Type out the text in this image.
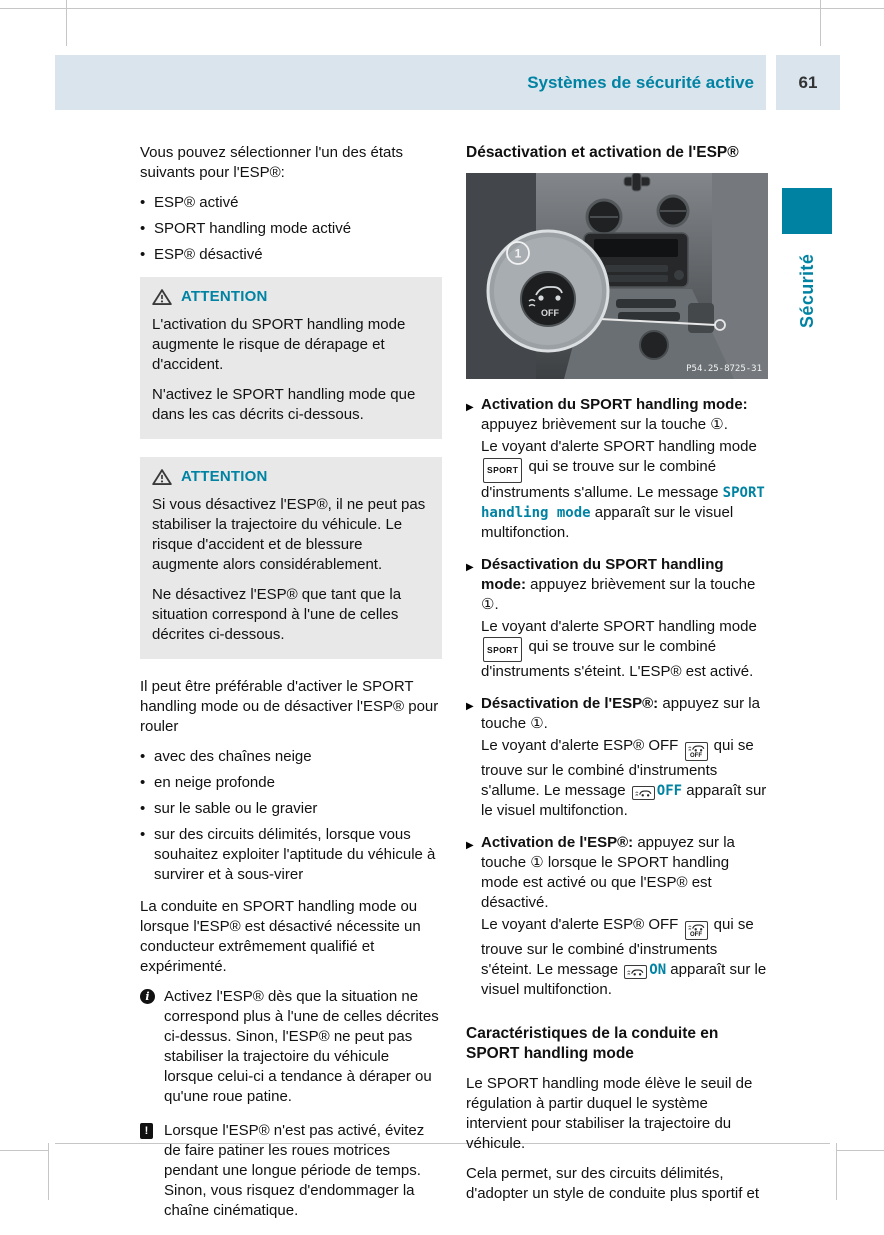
Systèmes de sécurité active	61
Sécurité

Vous pouvez sélectionner l'un des états suivants pour l'ESP®:

• ESP® activé
• SPORT handling mode activé
• ESP® désactivé
ATTENTION

L'activation du SPORT handling mode augmente le risque de dérapage et d'accident.

N'activez le SPORT handling mode que dans les cas décrits ci-dessous.

ATTENTION

Si vous désactivez l'ESP®, il ne peut pas stabiliser la trajectoire du véhicule. Le risque d'accident et de blessure augmente alors considérablement.

Ne désactivez l'ESP® que tant que la situation correspond à l'une de celles décrites ci-dessous.

Il peut être préférable d'activer le SPORT handling mode ou de désactiver l'ESP® pour rouler

• avec des chaînes neige
• en neige profonde
• sur le sable ou le gravier
• sur des circuits délimités, lorsque vous souhaitez exploiter l'aptitude du véhicule à survirer et à sous-virer

La conduite en SPORT handling mode ou lorsque l'ESP® est désactivé nécessite un conducteur extrêmement qualifié et expérimenté.

i Activez l'ESP® dès que la situation ne correspond plus à l'une de celles décrites ci-dessus. Sinon, l'ESP® ne peut pas stabiliser la trajectoire du véhicule lorsque celui-ci a tendance à déraper ou qu'une roue patine.
!	Lorsque l'ESP® n'est pas activé, évitez de faire patiner les roues motrices pendant une longue période de temps. Sinon, vous risquez d'endommager la chaîne cinématique.
Désactivation et activation de l'ESP®
OFF
1
P54.25-8725-31
▶ Activation du SPORT handling mode: appuyez brièvement sur la touche ①.

Le voyant d'alerte SPORT handling mode SPORT qui se trouve sur le combiné d'instruments s'allume. Le message SPORT handling mode apparaît sur le visuel multifonction.

▶ Désactivation du SPORT handling mode: appuyez brièvement sur la touche ①.

Le voyant d'alerte SPORT handling mode SPORT qui se trouve sur le combiné d'instruments s'éteint. L'ESP® est activé.

▶ Désactivation de l'ESP®: appuyez sur la touche ①.

Le voyant d'alerte ESP® OFF
OFF
qui se trouve sur le combiné d'instruments s'allume. Le message
OFF apparaît sur le visuel multifonction.

▶ Activation de l'ESP®: appuyez sur la touche ① lorsque le SPORT handling mode est activé ou que l'ESP® est désactivé.

Le voyant d'alerte ESP® OFF
OFF
qui se trouve sur le combiné d'instruments s'éteint. Le message
ON apparaît sur le visuel multifonction.

Caractéristiques de la conduite en SPORT handling mode

Le SPORT handling mode élève le seuil de régulation à partir duquel le système intervient pour stabiliser la trajectoire du véhicule.

Cela permet, sur des circuits délimités, d'adopter un style de conduite plus sportif et
